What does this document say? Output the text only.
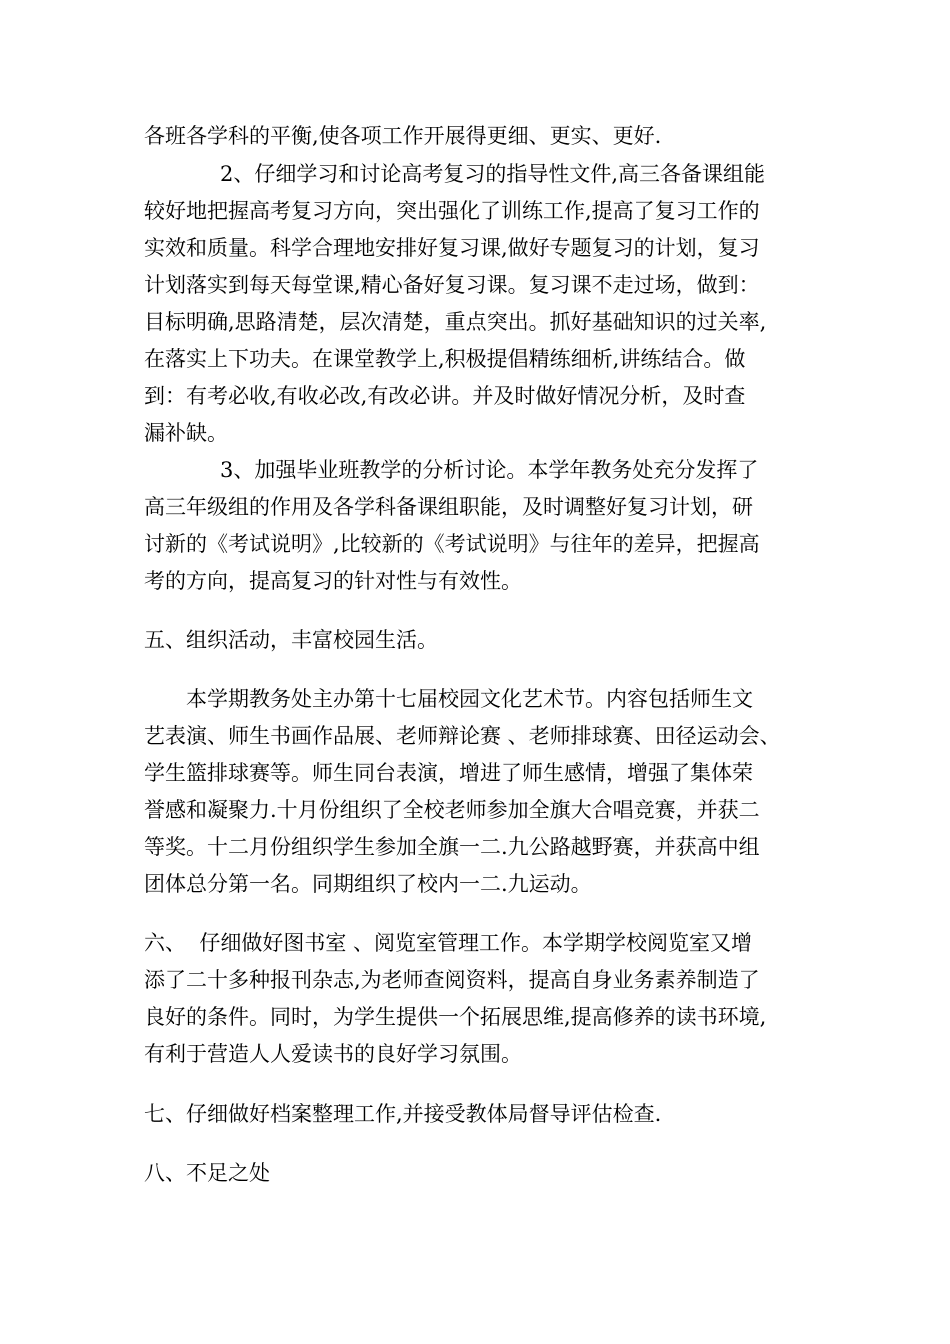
各班各学科的平衡,使各项工作开展得更细、更实、更好.
2、仔细学习和讨论高考复习的指导性文件,高三各备课组能
较好地把握高考复习方向，突出强化了训练工作,提高了复习工作的
实效和质量。科学合理地安排好复习课,做好专题复习的计划，复习
计划落实到每天每堂课,精心备好复习课。复习课不走过场，做到：
目标明确,思路清楚，层次清楚，重点突出。抓好基础知识的过关率,
在落实上下功夫。在课堂教学上,积极提倡精练细析,讲练结合。做
到：有考必收,有收必改,有改必讲。并及时做好情况分析，及时查
漏补缺。
3、加强毕业班教学的分析讨论。本学年教务处充分发挥了
高三年级组的作用及各学科备课组职能，及时调整好复习计划，研
讨新的《考试说明》,比较新的《考试说明》与往年的差异，把握高
考的方向，提高复习的针对性与有效性。
五、组织活动，丰富校园生活。
本学期教务处主办第十七届校园文化艺术节。内容包括师生文
艺表演、师生书画作品展、老师辩论赛 、老师排球赛、田径运动会、
学生篮排球赛等。师生同台表演，增进了师生感情，增强了集体荣
誉感和凝聚力.十月份组织了全校老师参加全旗大合唱竞赛，并获二
等奖。十二月份组织学生参加全旗一二.九公路越野赛，并获高中组
团体总分第一名。同期组织了校内一二.九运动。
六、  仔细做好图书室 、阅览室管理工作。本学期学校阅览室又增
添了二十多种报刊杂志,为老师查阅资料，提高自身业务素养制造了
良好的条件。同时，为学生提供一个拓展思维,提高修养的读书环境,
有利于营造人人爱读书的良好学习氛围。
七、仔细做好档案整理工作,并接受教体局督导评估检查.
八、不足之处
